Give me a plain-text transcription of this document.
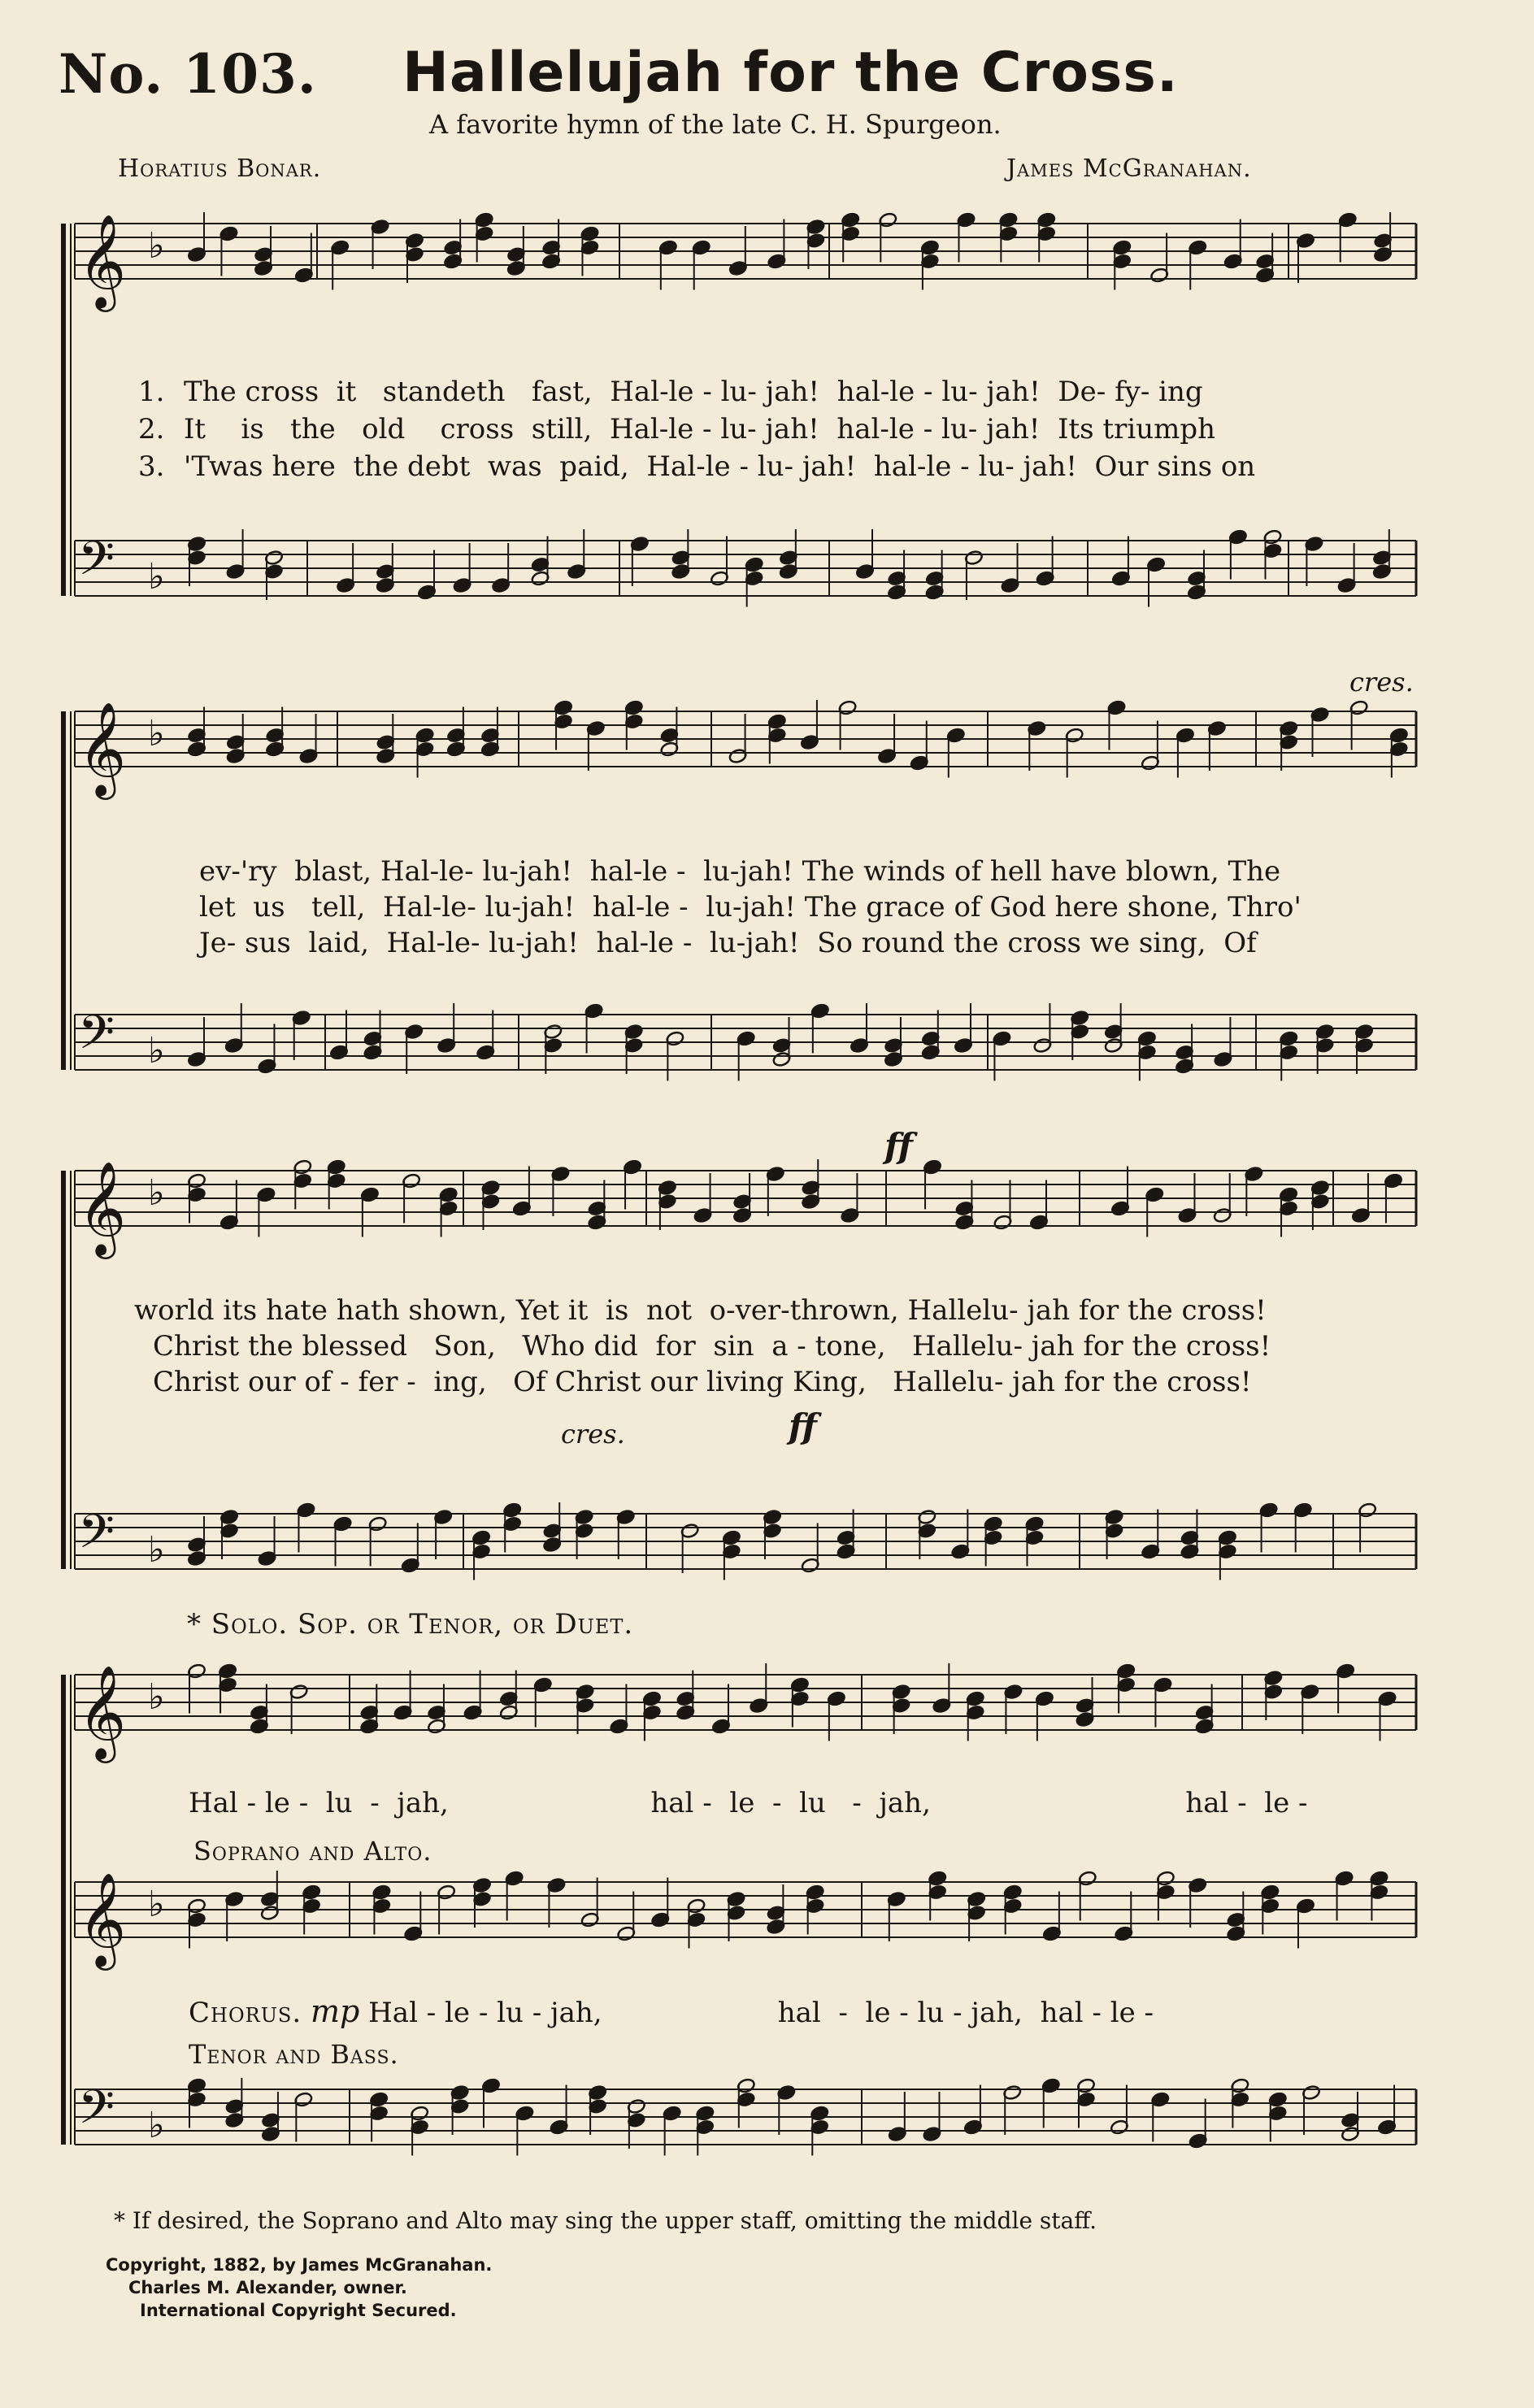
No. 103. Hallelujah for the Cross.
A favorite hymn of the late C. H. Spurgeon.
Horatius Bonar.	James McGranahan.
𝄞 ♭
𝄢 ♭
𝄞 ♭
𝄢 ♭
𝄞 ♭
𝄢 ♭
𝄞 ♭
𝄞 ♭
𝄢 ♭
1. The cross  it   standeth   fast,  Hal-le - lu- jah!  hal-le - lu- jah!  De- fy- ing
2. It    is   the   old    cross  still,  Hal-le - lu- jah!  hal-le - lu- jah!  Its triumph
3. 'Twas here  the debt  was  paid,  Hal-le - lu- jah!  hal-le - lu- jah!  Our sins on
ev-'ry  blast, Hal-le- lu-jah!  hal-le -  lu-jah! The winds of hell have blown, The
let  us   tell,  Hal-le- lu-jah!  hal-le -  lu-jah! The grace of God here shone, Thro'
Je- sus  laid,  Hal-le- lu-jah!  hal-le -  lu-jah!  So round the cross we sing,  Of
cres.
ff
world its hate hath shown, Yet it  is  not  o-ver-thrown, Hallelu- jah for the cross!
Christ the blessed   Son,   Who did  for  sin  a - tone,   Hallelu- jah for the cross!
Christ our of - fer -  ing,   Of Christ our living King,   Hallelu- jah for the cross!
cres.	ff
* Solo. Sop. or Tenor, or Duet.
Hal - le -  lu  -  jah,                       hal -  le  -  lu   -  jah,                             hal -  le -
Soprano and Alto.
Chorus. mp Hal - le - lu - jah,                    hal  -  le - lu - jah,  hal - le -
Tenor and Bass.
* If desired, the Soprano and Alto may sing the upper staff, omitting the middle staff.
Copyright, 1882, by James McGranahan.
Charles M. Alexander, owner.
International Copyright Secured.
